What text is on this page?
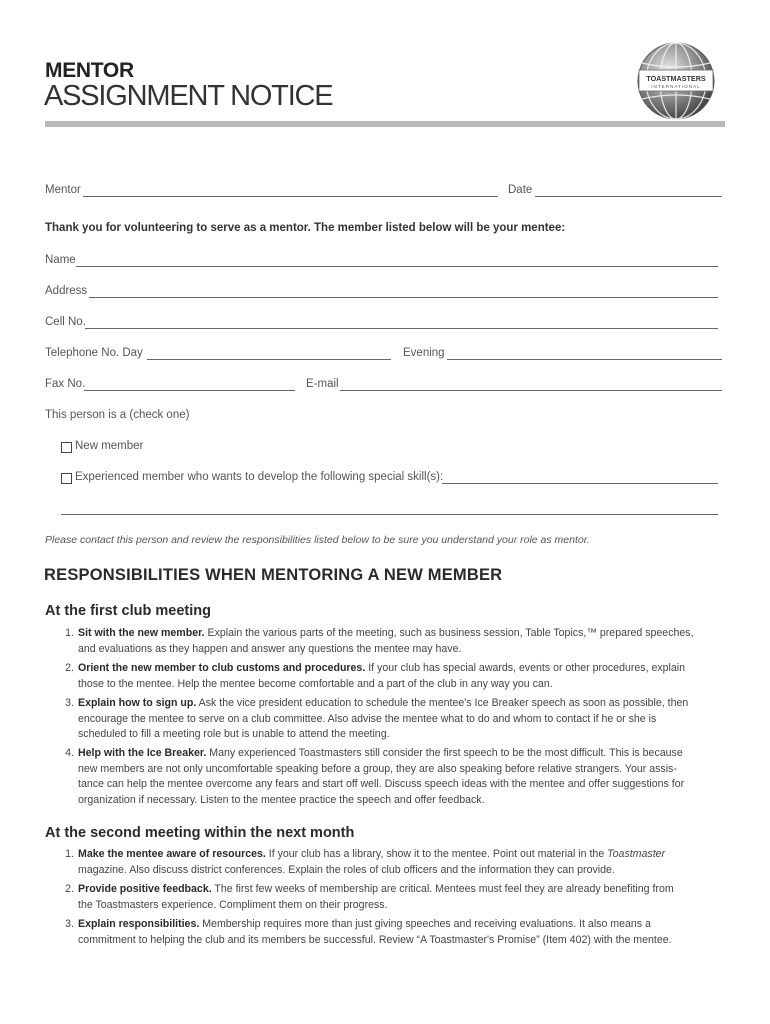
MENTOR
ASSIGNMENT NOTICE
TOASTMASTERS
INTERNATIONAL
Mentor	Date
Thank you for volunteering to serve as a mentor. The member listed below will be your mentee:
Name
Address
Cell No.
Telephone No. Day	Evening
Fax No.	E-mail
This person is a (check one)
New member
Experienced member who wants to develop the following special skill(s):
Please contact this person and review the responsibilities listed below to be sure you understand your role as mentor.
RESPONSIBILITIES WHEN MENTORING A NEW MEMBER
At the first club meeting
1. Sit with the new member. Explain the various parts of the meeting, such as business session, Table Topics,™ prepared speeches,
and evaluations as they happen and answer any questions the mentee may have.
2. Orient the new member to club customs and procedures. If your club has special awards, events or other procedures, explain
those to the mentee. Help the mentee become comfortable and a part of the club in any way you can.
3. Explain how to sign up. Ask the vice president education to schedule the mentee's Ice Breaker speech as soon as possible, then
encourage the mentee to serve on a club committee. Also advise the mentee what to do and whom to contact if he or she is
scheduled to fill a meeting role but is unable to attend the meeting.
4. Help with the Ice Breaker. Many experienced Toastmasters still consider the first speech to be the most difficult. This is because
new members are not only uncomfortable speaking before a group, they are also speaking before relative strangers. Your assis-
tance can help the mentee overcome any fears and start off well. Discuss speech ideas with the mentee and offer suggestions for
organization if necessary. Listen to the mentee practice the speech and offer feedback.
At the second meeting within the next month
1. Make the mentee aware of resources. If your club has a library, show it to the mentee. Point out material in the Toastmaster
magazine. Also discuss district conferences. Explain the roles of club officers and the information they can provide.
2. Provide positive feedback. The first few weeks of membership are critical. Mentees must feel they are already benefiting from
the Toastmasters experience. Compliment them on their progress.
3. Explain responsibilities. Membership requires more than just giving speeches and receiving evaluations. It also means a
commitment to helping the club and its members be successful. Review “A Toastmaster's Promise” (Item 402) with the mentee.
